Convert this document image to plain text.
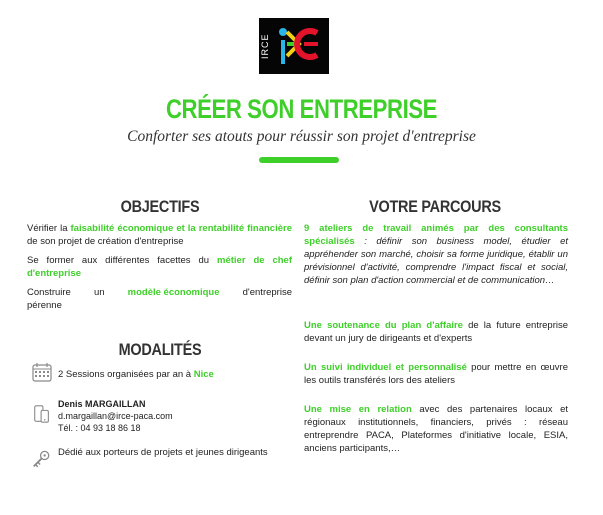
IRCE
CRÉER SON ENTREPRISE
Conforter ses atouts pour réussir son projet d'entreprise
OBJECTIFS
Vérifier la faisabilité économique et la rentabilité financière de son projet de création d'entreprise
Se former aux différentes facettes du métier de chef d'entreprise
Construire un modèle économique d'entreprise
pérenne
MODALITÉS
2 Sessions organisées par an à Nice
Denis MARGAILLAN
d.margaillan@irce-paca.com
Tél. : 04 93 18 86 18
Dédié aux porteurs de projets et jeunes dirigeants
VOTRE PARCOURS
9 ateliers de travail animés par des consultants spécialisés : définir son business model, étudier et appréhender son marché, choisir sa forme juridique, établir un prévisionnel d'activité, comprendre l'impact fiscal et social, définir son plan d'action commercial et de communication…
Une soutenance du plan d'affaire de la future entreprise devant un jury de dirigeants et d'experts
Un suivi individuel et personnalisé pour mettre en œuvre les outils transférés lors des ateliers
Une mise en relation avec des partenaires locaux et régionaux institutionnels, financiers, privés : réseau entreprendre PACA, Plateformes d'initiative locale, ESIA, anciens participants,…
